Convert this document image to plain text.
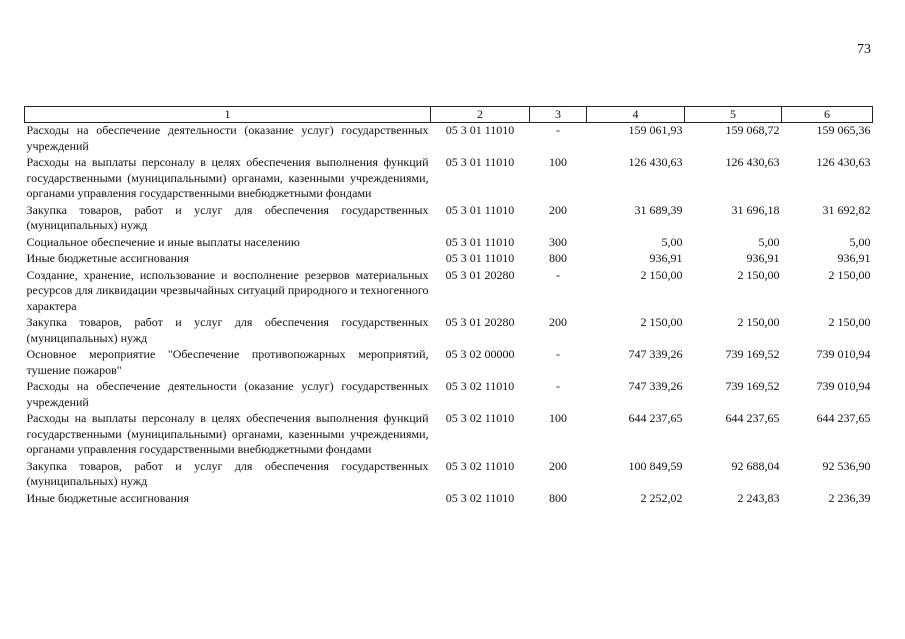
73
1	2	3	4	5	6
Расходы на обеспечение деятельности (оказание услуг) государственных учреждений	05 3 01 11010	-	159 061,93	159 068,72	159 065,36
Расходы на выплаты персоналу в целях обеспечения выполнения функций государственными (муниципальными) органами, казенными учреждениями, органами управления государственными внебюджетными фондами	05 3 01 11010	100	126 430,63	126 430,63	126 430,63
Закупка товаров, работ и услуг для обеспечения государственных (муниципальных) нужд	05 3 01 11010	200	31 689,39	31 696,18	31 692,82
Социальное обеспечение и иные выплаты населению	05 3 01 11010	300	5,00	5,00	5,00
Иные бюджетные ассигнования	05 3 01 11010	800	936,91	936,91	936,91
Создание, хранение, использование и восполнение резервов материальных ресурсов для ликвидации чрезвычайных ситуаций природного и техногенного характера	05 3 01 20280	-	2 150,00	2 150,00	2 150,00
Закупка товаров, работ и услуг для обеспечения государственных (муниципальных) нужд	05 3 01 20280	200	2 150,00	2 150,00	2 150,00
Основное мероприятие "Обеспечение противопожарных мероприятий, тушение пожаров"	05 3 02 00000	-	747 339,26	739 169,52	739 010,94
Расходы на обеспечение деятельности (оказание услуг) государственных учреждений	05 3 02 11010	-	747 339,26	739 169,52	739 010,94
Расходы на выплаты персоналу в целях обеспечения выполнения функций государственными (муниципальными) органами, казенными учреждениями, органами управления государственными внебюджетными фондами	05 3 02 11010	100	644 237,65	644 237,65	644 237,65
Закупка товаров, работ и услуг для обеспечения государственных (муниципальных) нужд	05 3 02 11010	200	100 849,59	92 688,04	92 536,90
Иные бюджетные ассигнования	05 3 02 11010	800	2 252,02	2 243,83	2 236,39
